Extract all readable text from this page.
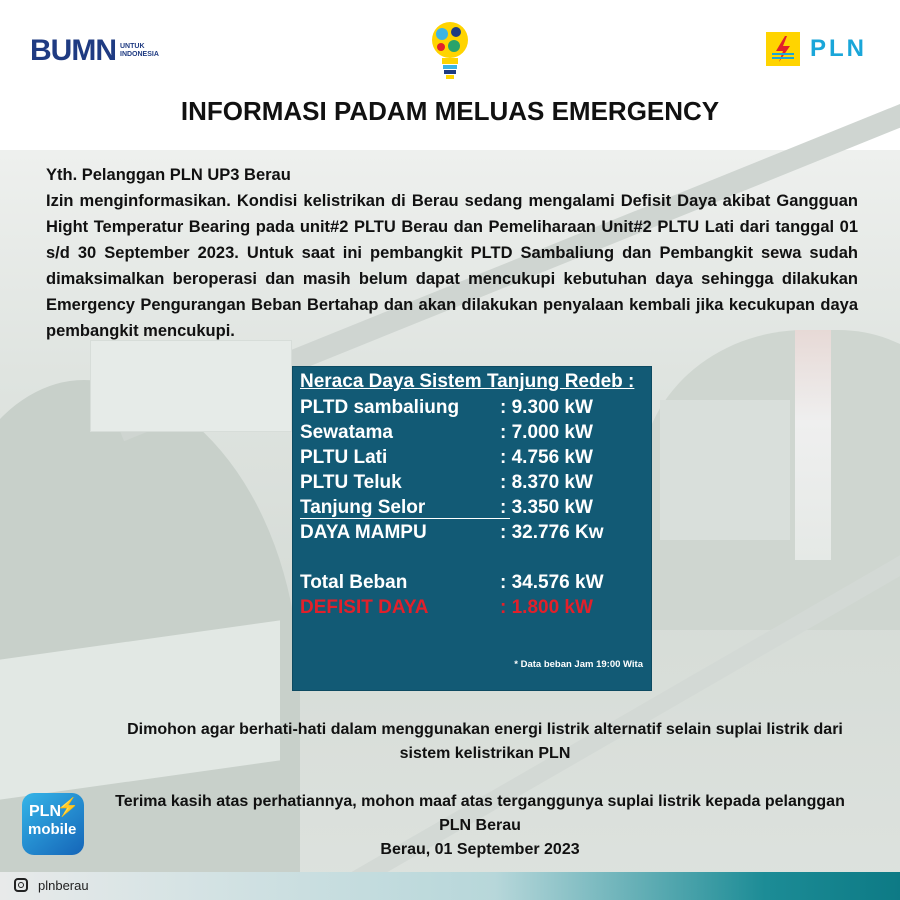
BUMN UNTUK
INDONESIA	PLN
INFORMASI PADAM MELUAS EMERGENCY
Yth. Pelanggan PLN UP3 Berau
Izin menginformasikan. Kondisi kelistrikan di Berau sedang mengalami Defisit Daya akibat Gangguan Hight Temperatur Bearing pada unit#2 PLTU Berau dan Pemeliharaan Unit#2 PLTU Lati dari tanggal 01 s/d 30 September 2023. Untuk saat ini pembangkit PLTD Sambaliung dan Pembangkit sewa sudah dimaksimalkan beroperasi dan masih belum dapat mencukupi kebutuhan daya sehingga dilakukan Emergency Pengurangan Beban Bertahap dan akan dilakukan penyalaan kembali jika kecukupan daya pembangkit mencukupi.
Neraca Daya Sistem Tanjung Redeb :
PLTD sambaliung : 9.300 kW
Sewatama	: 7.000 kW
PLTU Lati	: 4.756 kW
PLTU Teluk	: 8.370 kW
Tanjung Selor	: 3.350 kW
DAYA MAMPU	: 32.776 Kw
Total Beban	: 34.576 kW
DEFISIT DAYA	: 1.800 kW
* Data beban Jam 19:00 Wita
Dimohon agar berhati-hati dalam menggunakan energi listrik alternatif selain suplai listrik dari sistem kelistrikan PLN
Terima kasih atas perhatiannya, mohon maaf atas terganggunya suplai listrik kepada pelanggan PLN Berau
Berau, 01 September 2023
⚡
PLN
mobile
plnberau
